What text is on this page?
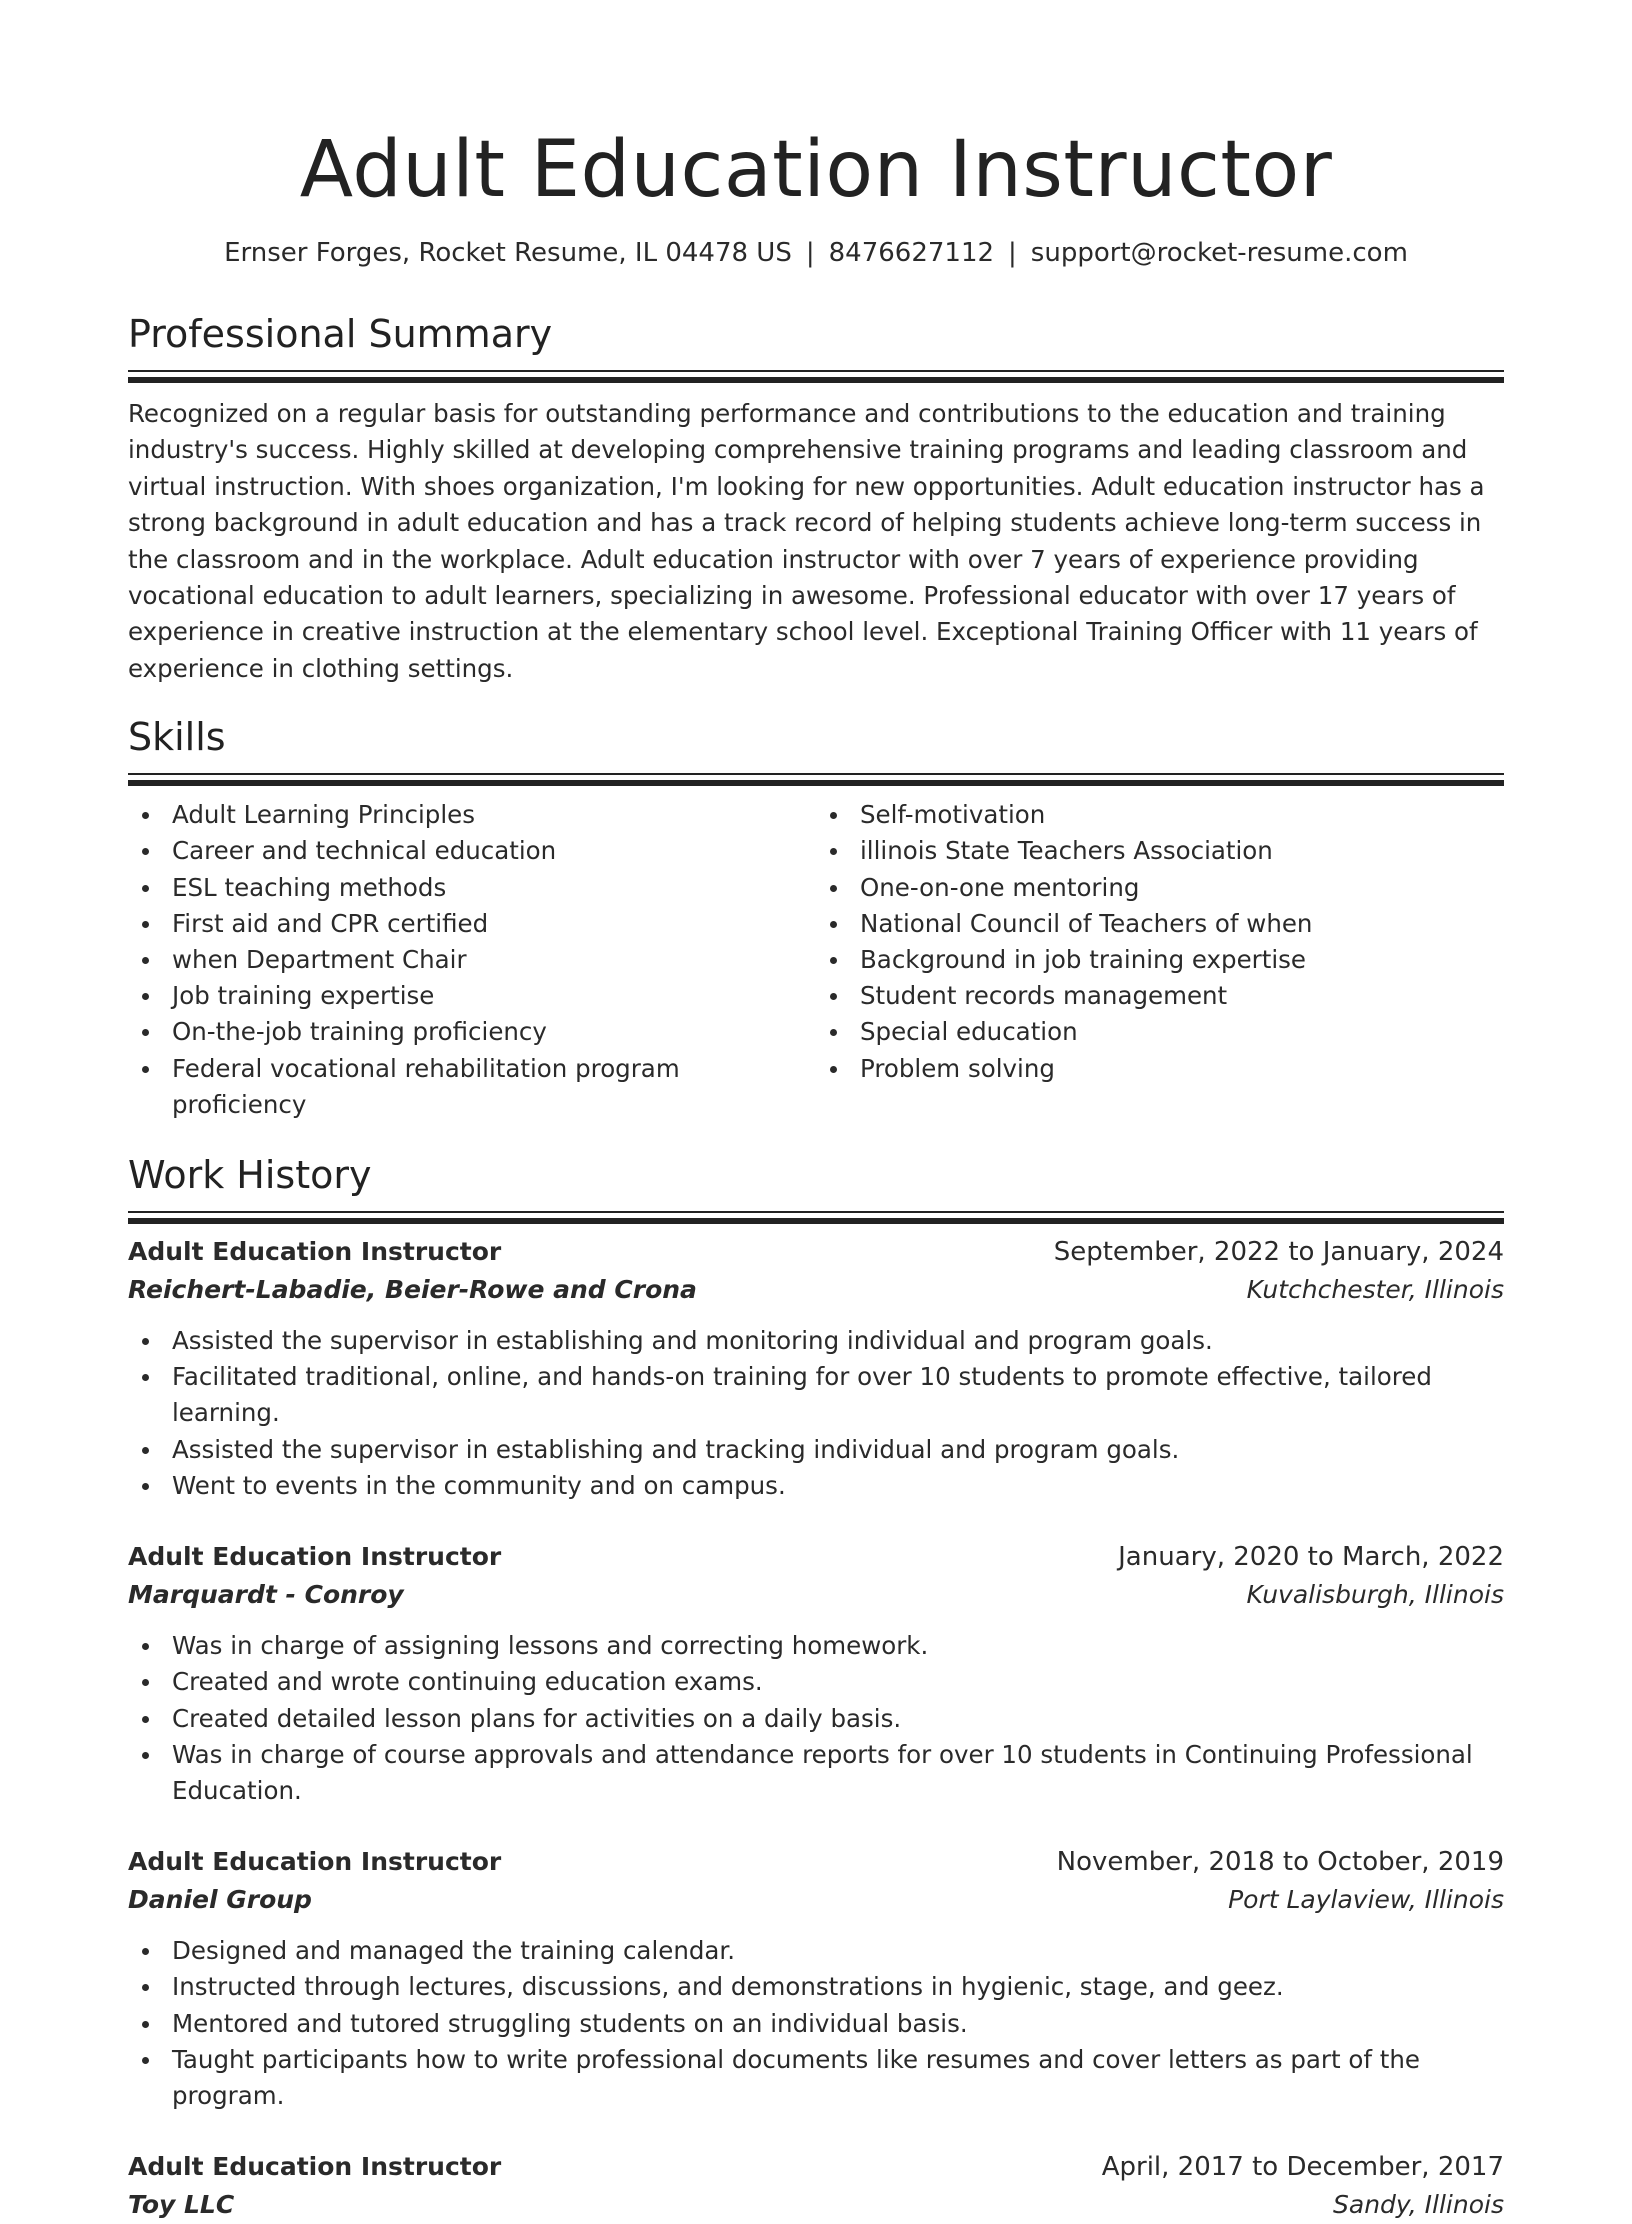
Adult Education Instructor
Ernser Forges, Rocket Resume, IL 04478 US | 8476627112 | support@rocket-resume.com
Professional Summary

Recognized on a regular basis for outstanding performance and contributions to the education and training industry's success. Highly skilled at developing comprehensive training programs and leading classroom and virtual instruction. With shoes organization, I'm looking for new opportunities. Adult education instructor has a strong background in adult education and has a track record of helping students achieve long-term success in the classroom and in the workplace. Adult education instructor with over 7 years of experience providing vocational education to adult learners, specializing in awesome. Professional educator with over 17 years of experience in creative instruction at the elementary school level. Exceptional Training Officer with 11 years of experience in clothing settings.

Skills
Adult Learning Principles
Career and technical education
ESL teaching methods
First aid and CPR certified
when Department Chair
Job training expertise
On-the-job training proficiency
Federal vocational rehabilitation program proficiency
Self-motivation
illinois State Teachers Association
One-on-one mentoring
National Council of Teachers of when
Background in job training expertise
Student records management
Special education
Problem solving
Work History
Adult Education Instructor	September, 2022 to January, 2024
Reichert-Labadie, Beier-Rowe and Crona	Kutchchester, Illinois
Assisted the supervisor in establishing and monitoring individual and program goals.
Facilitated traditional, online, and hands-on training for over 10 students to promote effective, tailored learning.
Assisted the supervisor in establishing and tracking individual and program goals.
Went to events in the community and on campus.
Adult Education Instructor	January, 2020 to March, 2022
Marquardt - Conroy	Kuvalisburgh, Illinois
Was in charge of assigning lessons and correcting homework.
Created and wrote continuing education exams.
Created detailed lesson plans for activities on a daily basis.
Was in charge of course approvals and attendance reports for over 10 students in Continuing Professional Education.
Adult Education Instructor	November, 2018 to October, 2019
Daniel Group	Port Laylaview, Illinois
Designed and managed the training calendar.
Instructed through lectures, discussions, and demonstrations in hygienic, stage, and geez.
Mentored and tutored struggling students on an individual basis.
Taught participants how to write professional documents like resumes and cover letters as part of the program.
Adult Education Instructor	April, 2017 to December, 2017
Toy LLC	Sandy, Illinois
